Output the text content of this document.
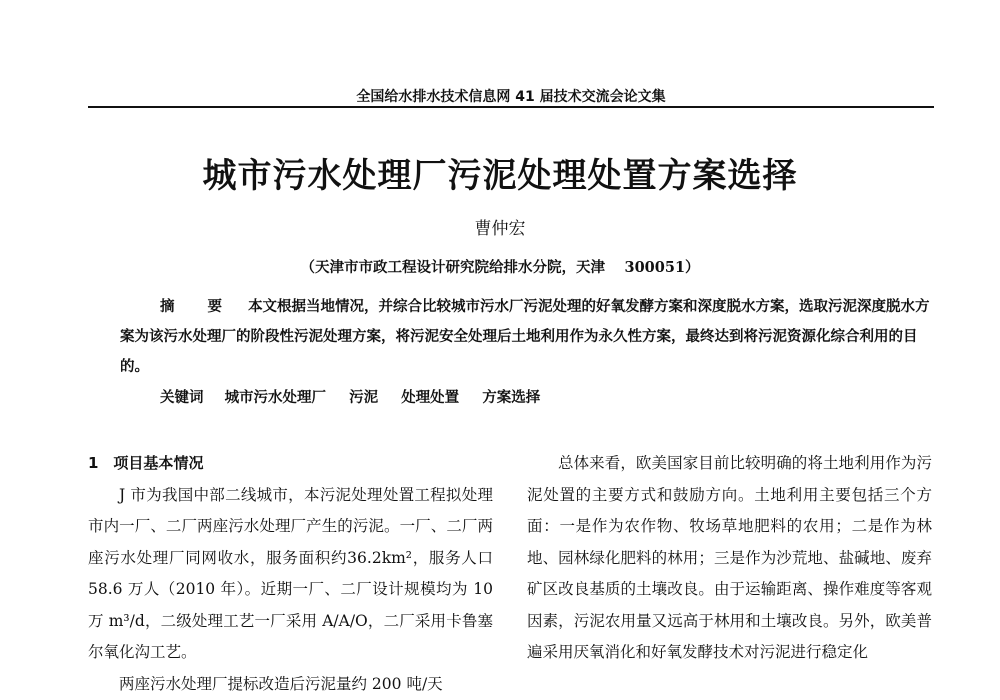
全国给水排水技术信息网 41 届技术交流会论文集
城市污水处理厂污泥处理处置方案选择
曹仲宏
（天津市市政工程设计研究院给排水分院，天津　 300051）
摘 要 本文根据当地情况，并综合比较城市污水厂污泥处理的好氧发酵方案和深度脱水方案，选取污泥深度脱水方案为该污水处理厂的阶段性污泥处理方案，将污泥安全处理后土地利用作为永久性方案，最终达到将污泥资源化综合利用的目的。
关键词 城市污水处理厂 污泥 处理处置 方案选择

1　项目基本情况

J 市为我国中部二线城市，本污泥处理处置工程拟处理市内一厂、二厂两座污水处理厂产生的污泥。一厂、二厂两座污水处理厂同网收水，服务面积约36.2km²，服务人口 58.6 万人（2010 年）。近期一厂、二厂设计规模均为 10 万 m³/d，二级处理工艺一厂采用 A/A/O，二厂采用卡鲁塞尔氧化沟工艺。

两座污水处理厂提标改造后污泥量约 200 吨/天

总体来看，欧美国家目前比较明确的将土地利用作为污泥处置的主要方式和鼓励方向。土地利用主要包括三个方面：一是作为农作物、牧场草地肥料的农用；二是作为林地、园林绿化肥料的林用；三是作为沙荒地、盐碱地、废弃矿区改良基质的土壤改良。由于运输距离、操作难度等客观因素，污泥农用量又远高于林用和土壤改良。另外，欧美普遍采用厌氧消化和好氧发酵技术对污泥进行稳定化
